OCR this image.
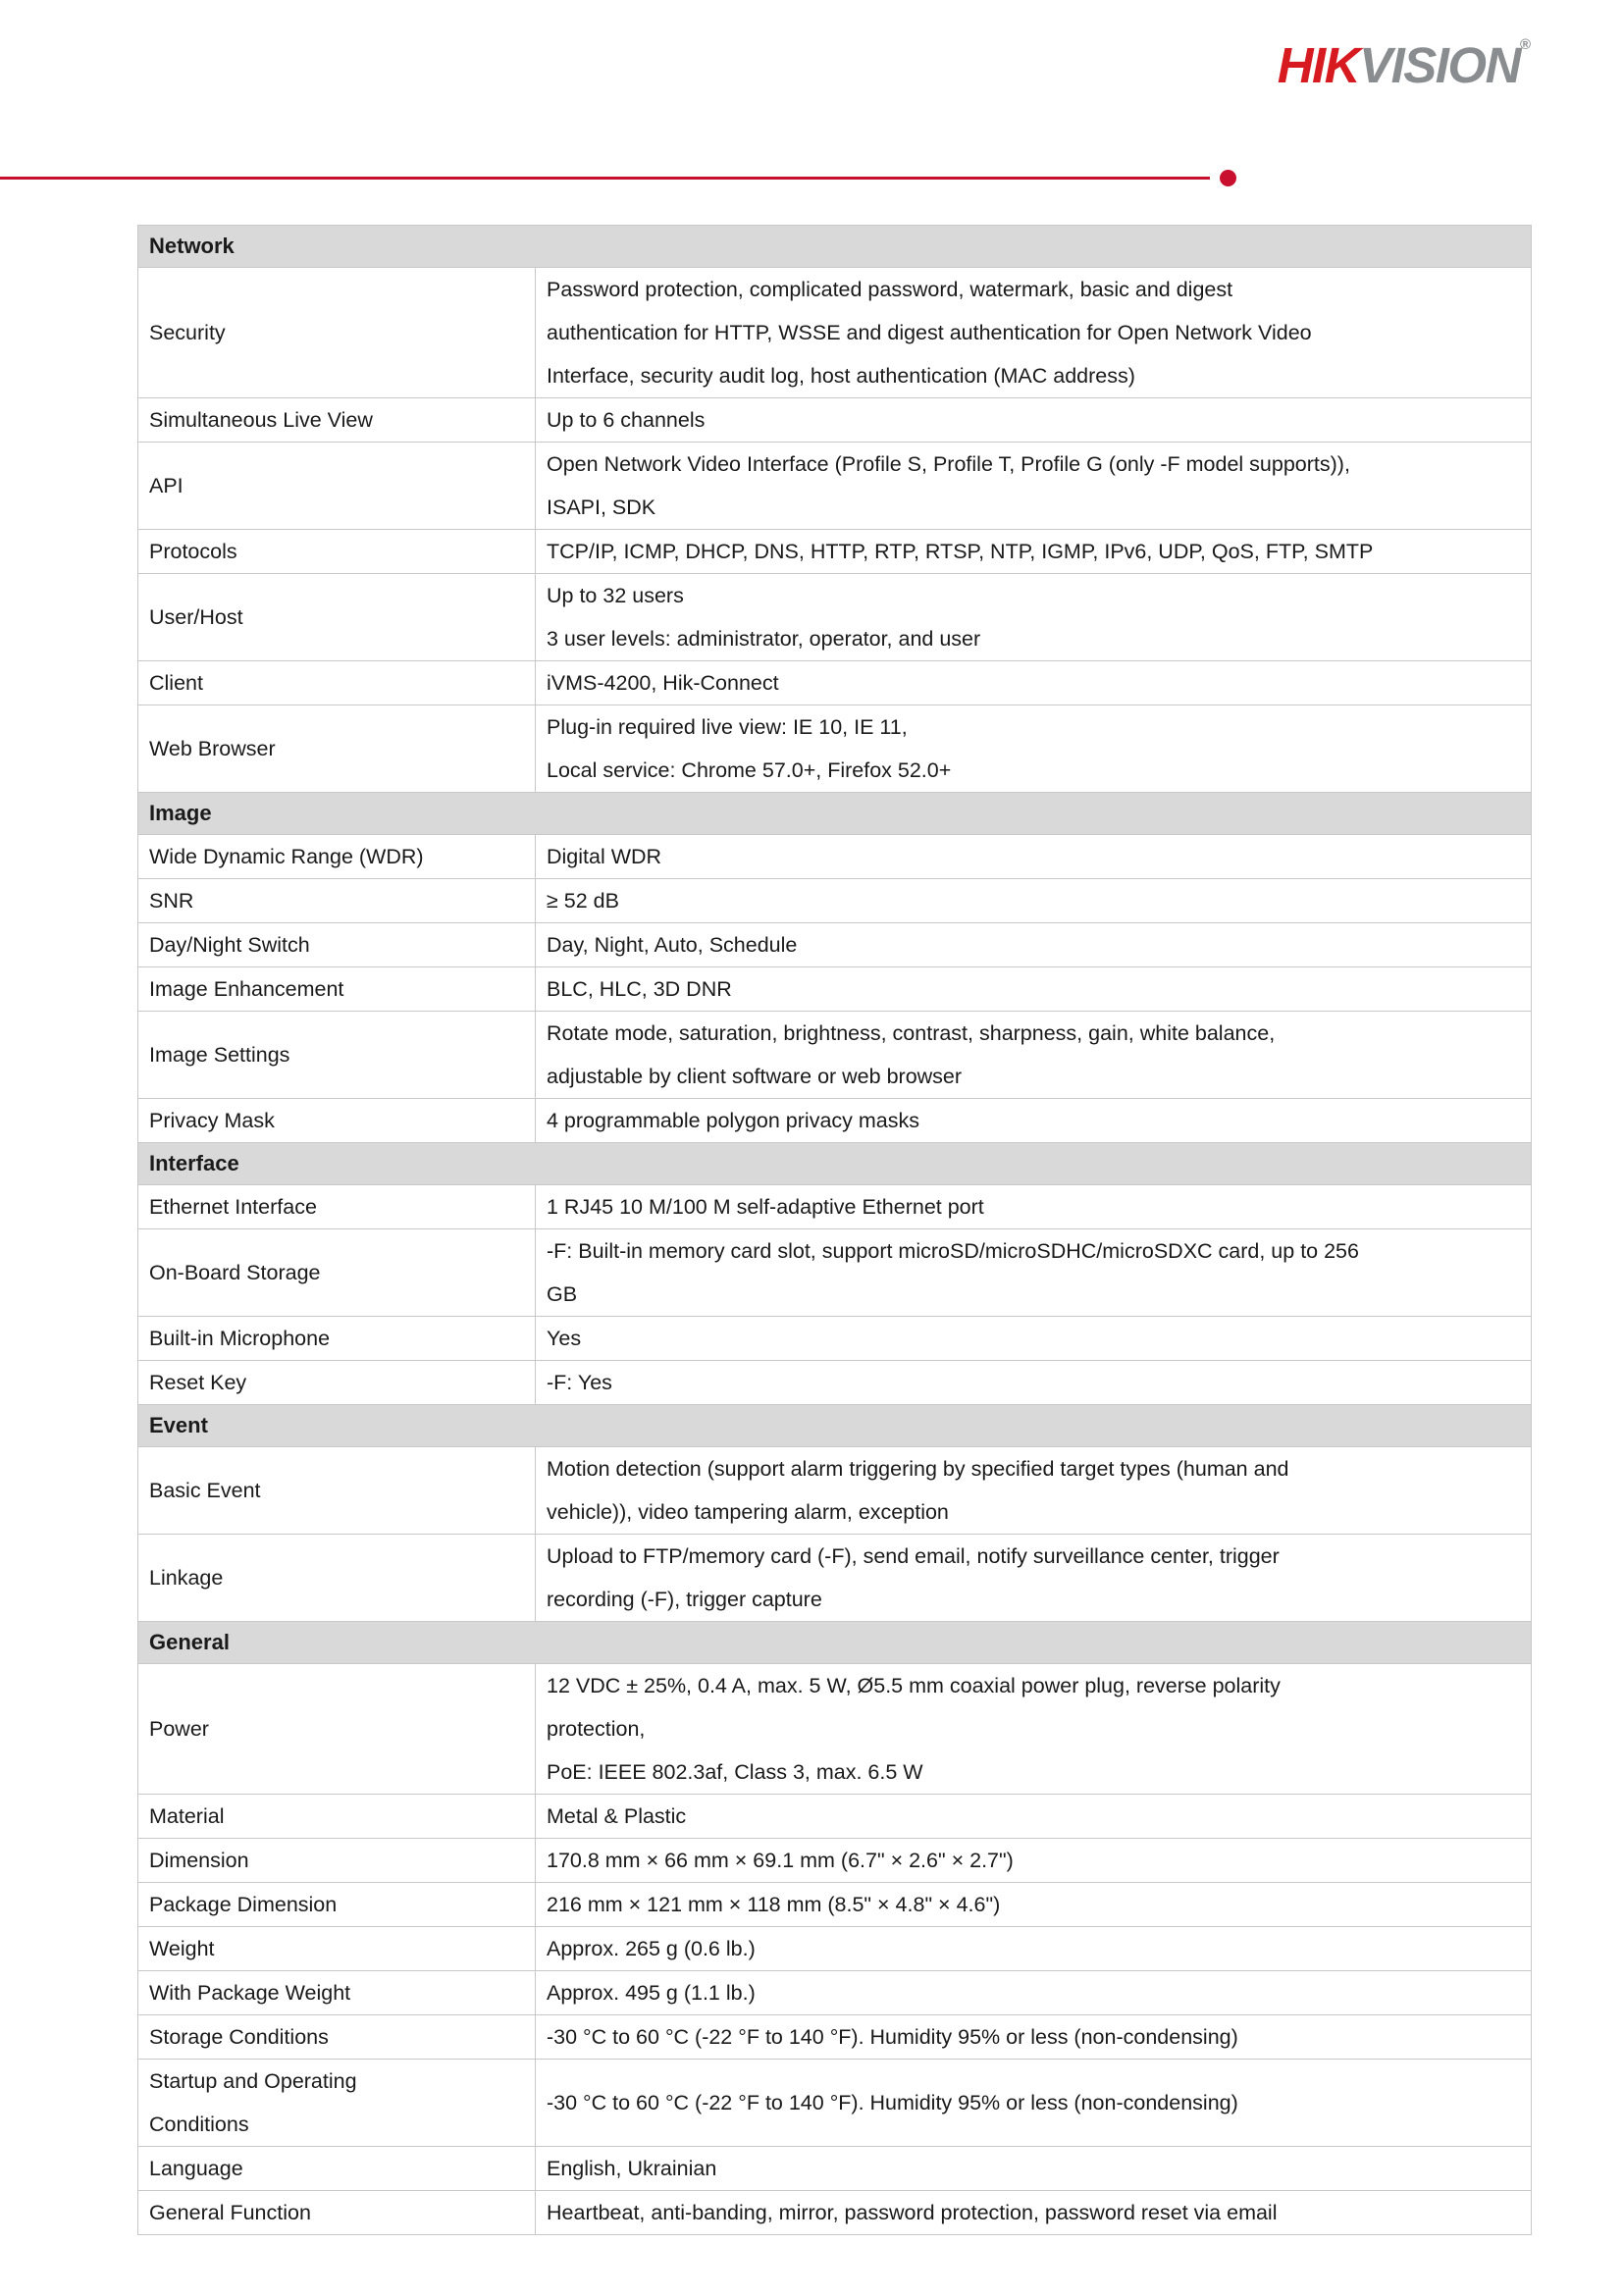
HIKVISION®
Network	

Security	Password protection, complicated password, watermark, basic and digest
authentication for HTTP, WSSE and digest authentication for Open Network Video
Interface, security audit log, host authentication (MAC address)

Simultaneous Live View	Up to 6 channels

API	Open Network Video Interface (Profile S, Profile T, Profile G (only -F model supports)),
ISAPI, SDK

Protocols	TCP/IP, ICMP, DHCP, DNS, HTTP, RTP, RTSP, NTP, IGMP, IPv6, UDP, QoS, FTP, SMTP

User/Host	Up to 32 users
3 user levels: administrator, operator, and user

Client	iVMS-4200, Hik-Connect

Web Browser	Plug-in required live view: IE 10, IE 11,
Local service: Chrome 57.0+, Firefox 52.0+

Image	

Wide Dynamic Range (WDR)	Digital WDR

SNR	≥ 52 dB

Day/Night Switch	Day, Night, Auto, Schedule

Image Enhancement	BLC, HLC, 3D DNR

Image Settings	Rotate mode, saturation, brightness, contrast, sharpness, gain, white balance,
adjustable by client software or web browser

Privacy Mask	4 programmable polygon privacy masks

Interface	

Ethernet Interface	1 RJ45 10 M/100 M self-adaptive Ethernet port

On-Board Storage	-F: Built-in memory card slot, support microSD/microSDHC/microSDXC card, up to 256
GB

Built-in Microphone	Yes

Reset Key	-F: Yes

Event	

Basic Event	Motion detection (support alarm triggering by specified target types (human and
vehicle)), video tampering alarm, exception

Linkage	Upload to FTP/memory card (-F), send email, notify surveillance center, trigger
recording (-F), trigger capture

General	

Power	12 VDC ± 25%, 0.4 A, max. 5 W, Ø5.5 mm coaxial power plug, reverse polarity
protection,
PoE: IEEE 802.3af, Class 3, max. 6.5 W

Material	Metal & Plastic

Dimension	170.8 mm × 66 mm × 69.1 mm (6.7" × 2.6" × 2.7")

Package Dimension	216 mm × 121 mm × 118 mm (8.5" × 4.8" × 4.6")

Weight	Approx. 265 g (0.6 lb.)

With Package Weight	Approx. 495 g (1.1 lb.)

Storage Conditions	-30 °C to 60 °C (-22 °F to 140 °F). Humidity 95% or less (non-condensing)

Startup and Operating
Conditions	-30 °C to 60 °C (-22 °F to 140 °F). Humidity 95% or less (non-condensing)

Language	English, Ukrainian

General Function	Heartbeat, anti-banding, mirror, password protection, password reset via email
